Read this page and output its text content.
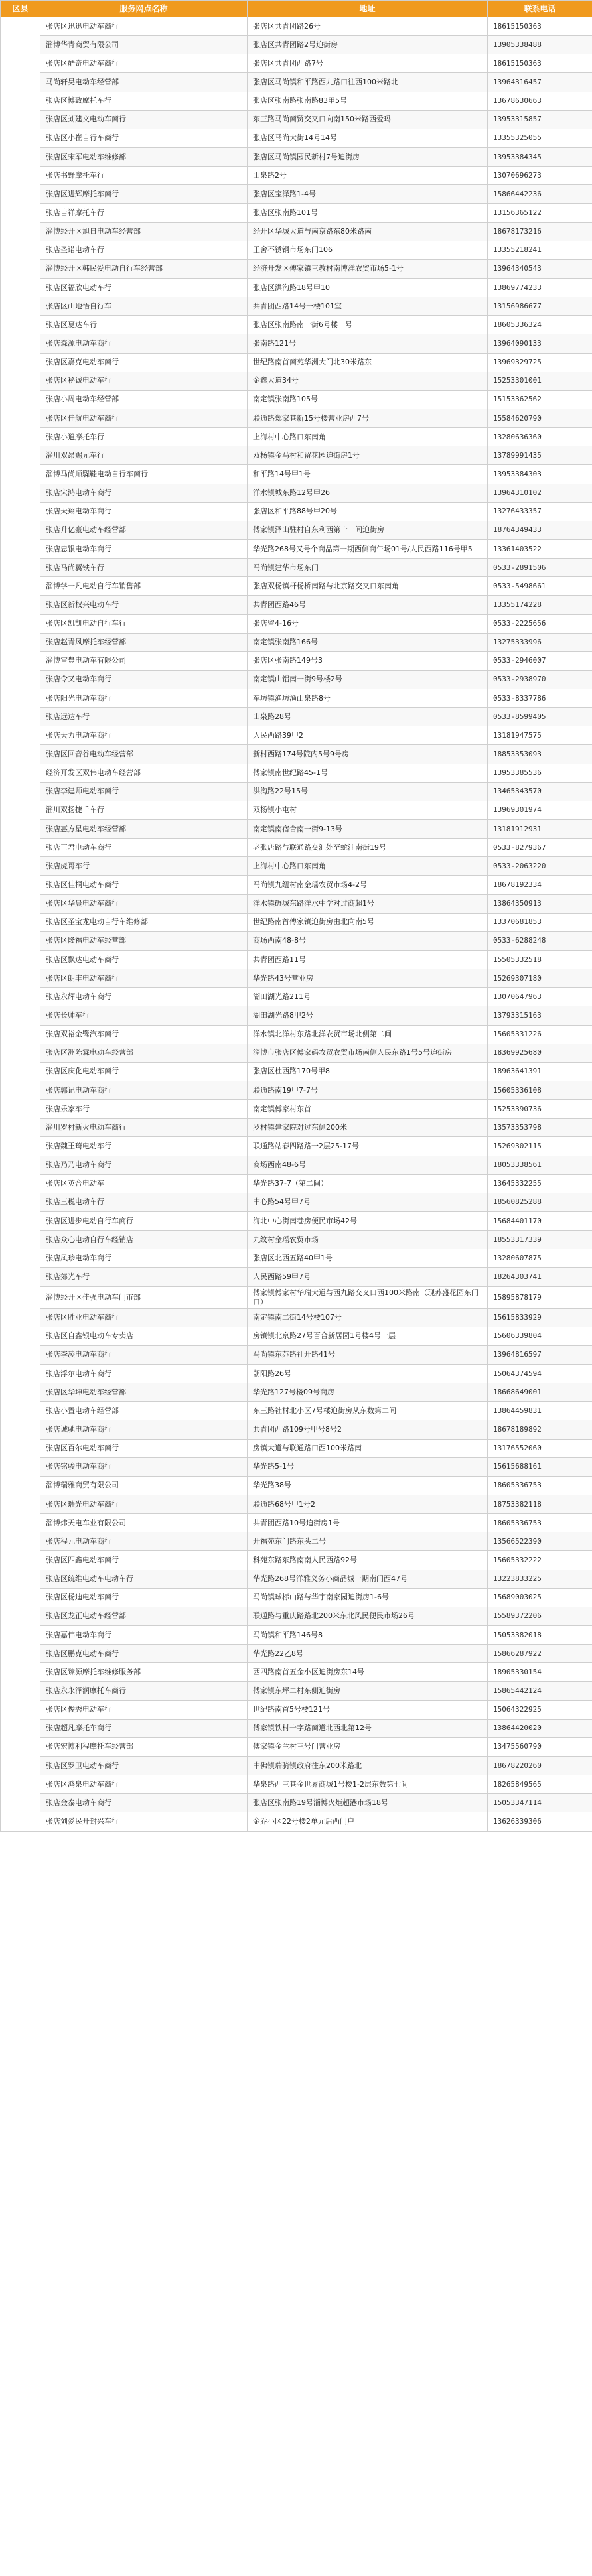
区县	服务网点名称	地址	联系电话
张店	张店区迅迅电动车商行	张店区共青团路26号	18615150363
	淄博华青商贸有限公司	张店区共青团路2号迫街房	13905338488
	张店区酷奇电动车商行	张店区共青团西路7号	18615150363
	马尚轩昊电动车经营部	张店区马尚镇和平路西九路口往西100米路北	13964316457
	张店区博致摩托车行	张店区张南路张南路83甲5号	13678630663
	张店区刘建文电动车商行	东三路马尚商贸交叉口向南150米路西爱玛	13953315857
	张店区小崔自行车商行	张店区马尚大街14号14号	13355325055
	张店区宋军电动车维修部	张店区马尚镇园民新村7号迫街房	13953384345
	张店书野摩托车行	山泉路2号	13070696273
	张店区进辉摩托车商行	张店区宝泽路1-4号	15866442236
	张店吉祥摩托车行	张店区张南路101号	13156365122
	淄博经开区旭日电动车经营部	经开区华城大道与南京路东80米路南	18678173216
	张店圣诺电动车行	王舍不锈钢市场东门106	13355218241
	淄博经开区韩民爱电动自行车经营部	经济开发区傅家镇三教村南博洋农贸市场5-1号	13964340543
	张店区福欣电动车行	张店区洪沟路18号甲10	13869774233
	张店区山地悟自行车	共青团西路14号一楼101室	13156986677
	张店区夏达车行	张店区张南路南一街6号楼一号	18605336324
	张店森源电动车商行	张南路121号	13964090133
	张店区嘉克电动车商行	世纪路南首商苑华洲大门北30米路东	13969329725
	张店区秘诚电动车行	金鑫大道34号	15253301001
	张店小周电动车经营部	南定镇张南路105号	15153362562
	张店区佳航电动车商行	联通路郑家巷新15号楼营业房西7号	15584620790
	张店小逍摩托车行	上海村中心路口东南角	13280636360
	淄川双昂赐元车行	双杨镇金马村和留花园迫街房1号	13789991435
	淄博马尚顺驜鞋电动自行车商行	和平路14号甲1号	13953384303
	张店宋鸿电动车商行	洋水镇城东路12号甲26	13964310102
	张店天翔电动车商行	张店区和平路88号甲20号	13276433357
	张店升亿豪电动车经营部	傅家镇泽山驻村自东利西第十一间迫街房	18764349433
	张店忠银电动车商行	华光路268号又号个商品第一期西侧商午场01号/人民西路116号甲5	13361403522
	张店马尚翼铁车行	马尚镇建华市场东门	0533-2891506
	淄博学一凡电动自行车销售部	张店双杨镇杆杨桥南路与北京路交叉口东南角	0533-5498661
	张店区新权兴电动车行	共青团西路46号	13355174228
	张店区凯凯电动自行车行	张店留4-16号	0533-2225656
	张店赵青风摩托车经营部	南定镇张南路166号	13275333996
	淄博雷豊电动车有限公司	张店区张南路149号3	0533-2946007
	张店令又电动车商行	南定镇山铝南一街9号楼2号	0533-2938970
	张店阳光电动车商行	车坊镇渔坊渔山泉路8号	0533-8337786
	张店远达车行	山泉路28号	0533-8599405
	张店天力电动车商行	人民西路39甲2	13181947575
	张店区回音谷电动车经营部	新村西路174号院内5号9号房	18853353093
	经济开发区双伟电动车经营部	傅家镇南世纪路45-1号	13953385536
	张店李建师电动车商行	洪沟路22号15号	13465343570
	淄川双扬捷千车行	双杨镇小屯村	13969301974
	张店惠方星电动车经营部	南定镇南宿舍南一街9-13号	13181912931
	张店王君电动车商行	老张店路与联通路交汇处至蛇洼南街19号	0533-8279367
	张店虎哥车行	上海村中心路口东南角	0533-2063220
	张店区佳桐电动车商行	马尚镇九纽村南金瑶农贸市场4-2号	18678192334
	张店区华晨电动车商行	洋水镇碾城东路洋水中学对过商超1号	13864350913
	张店区圣宝龙电动自行车维修部	世纪路南首傅家镇迫街房由北向南5号	13370681853
	张店区隆福电动车经营部	商场西南48-8号	0533-6288248
	张店区飘达电动车商行	共青团西路11号	15505332518
	张店区朗丰电动车商行	华光路43号营业房	15269307180
	张店永辉电动车商行	湖田湖光路211号	13070647963
	张店长帅车行	湖田湖光路8甲2号	13793315163
	张店双裕金鹭汽车商行	洋水镇北洋村东路北洋农贸市场北侧第二间	15605331226
	张店区洲陈霖电动车经营部	淄博市张店区傅家码农贸农贸市场南侧人民东路1号5号迫街房	18369925680
	张店区庆化电动车商行	张店区杜西路170号甲8	18963641391
	张店郭记电动车商行	联通路南19甲7-7号	15605336108
	张店乐家车行	南定镇傅家村东首	15253390736
	淄川罗村新火电动车商行	罗村镇建家院对过东侧200米	13573353798
	张店魏王琦电动车行	联通路站春四路路一2层25-17号	15269302115
	张店乃乃电动车商行	商场西南48-6号	18053338561
	张店区英合电动车	华光路37-7（第二间）	13645332255
	张店三税电动车行	中心路54号甲7号	18560825288
	张店区进步电动自行车商行	海北中心街南巷房便民市场42号	15684401170
	张店众心电动自行车经销店	九纹村金瑶农贸市场	18553317339
	张店凤珍电动车商行	张店区北西五路40甲1号	13280607875
	张店郊光车行	人民西路59甲7号	18264303741
	淄博经开区佳强电动车门市部	傅家镇傅家村华瑞大道与西九路交叉口西100米路南（现苏盛花园东门口）	15895878179
	张店区胜业电动车商行	南定镇南二街14号楼107号	15615833929
	张店区自鑫银电动车专卖店	房镇镇北京路27号百合新居园1号楼4号一层	15606339804
	张店李凌电动车商行	马尚镇东苏路社开路41号	13964816597
	张店浮尔电动车商行	朝阳路26号	15064374594
	张店区华坤电动车经营部	华光路127号楼09号商房	18668649001
	张店小置电动车经营部	东三路社村北小区7号楼迫街房从东数第二间	13864459831
	张店诚驰电动车商行	共青团西路109号甲号8号2	18678189892
	张店区百尔电动车商行	房镇大道与联通路口西100米路南	13176552060
	张店铭骏电动车商行	华光路5-1号	15615688161
	淄博瑞雅商贸有限公司	华光路38号	18605336753
	张店区瑞光电动车商行	联通路68号甲1号2	18753382118
	淄博炜天电车业有限公司	共青团西路10号迫街房1号	18605336753
	张店程元电动车商行	开福苑东门路东头二号	13566522390
	张店区四鑫电动车商行	科苑东路东路南南人民西路92号	15605332222
	张店区统维电动车电动车行	华光路268号洋雅义务小商品城一期南门西47号	13223833225
	张店区杨迪电动车商行	马尚镇球标山路与华宇南家园迫街房1-6号	15689003025
	张店区龙正电动车经营部	联通路与重庆路路北200米东北风民便民市场26号	15589372206
	张店嘉伟电动车商行	马尚镇和平路146号8	15053382018
	张店区鹏克电动车商行	华光路22乙8号	15866287922
	张店区臻源摩托车维修服务部	西四路南首五金小区迫街房东14号	18905330154
	张店永永泽润摩托车商行	傅家镇东坪二村东侧迫街房	15865442124
	张店区俊秀电动车行	世纪路南首5号楼121号	15064322925
	张店超凡摩托车商行	傅家镇铁村十字路商道北西北第12号	13864420020
	张店宏博利程摩托车经营部	傅家镇金兰村三号门营业房	13475560790
	张店区罗卫电动车商行	中佛镇瑞骑镇政府往东200米路北	18678220260
	张店区鸿泉电动车商行	华泉路西三巷金世界商城1号楼1-2层东数第七间	18265849565
	张店金泰电动车商行	张店区张南路19号淄博火炬超港市场18号	15053347114
	张店刘爱民开封兴车行	金乔小区22号楼2单元后西门户	13626339306
